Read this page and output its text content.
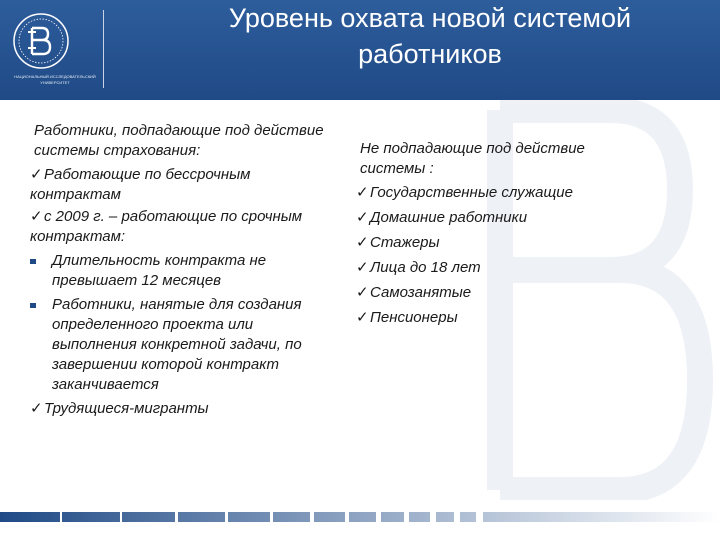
НАЦИОНАЛЬНЫЙ ИССЛЕДОВАТЕЛЬСКИЙ УНИВЕРСИТЕТ
Уровень охвата новой системой
работников
Работники, подпадающие под действие системы страхования:
✓Работающие по бессрочным контрактам
✓с 2009 г. – работающие по срочным контрактам:
Длительность контракта не превышает 12 месяцев
Работники, нанятые для создания определенного проекта или выполнения конкретной задачи, по завершении которой контракт заканчивается
✓Трудящиеся-мигранты
Не подпадающие под действие системы :
✓Государственные служащие
✓Домашние работники
✓Стажеры
✓Лица до 18 лет
✓Самозанятые
✓Пенсионеры
